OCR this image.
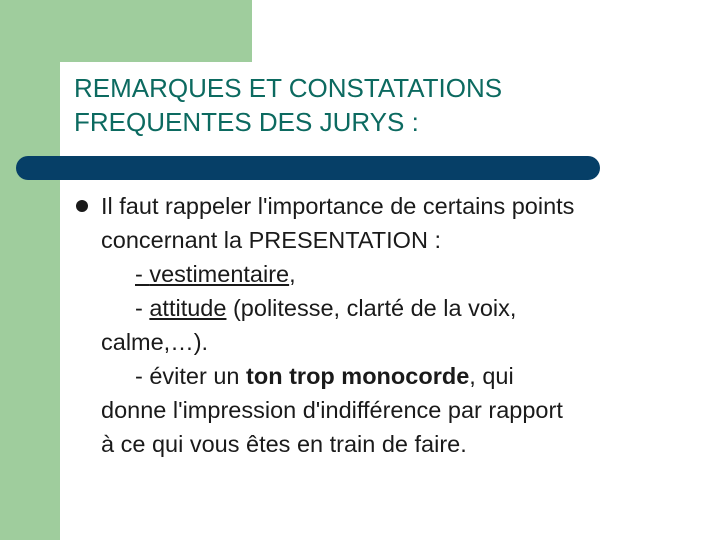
REMARQUES ET CONSTATATIONS
FREQUENTES DES JURYS :
Il faut rappeler l'importance de certains points
concernant la PRESENTATION :
- vestimentaire,
- attitude (politesse, clarté de la voix,
calme,…).
- éviter un ton trop monocorde, qui
donne l'impression d'indifférence par rapport
à ce qui vous êtes en train de faire.
